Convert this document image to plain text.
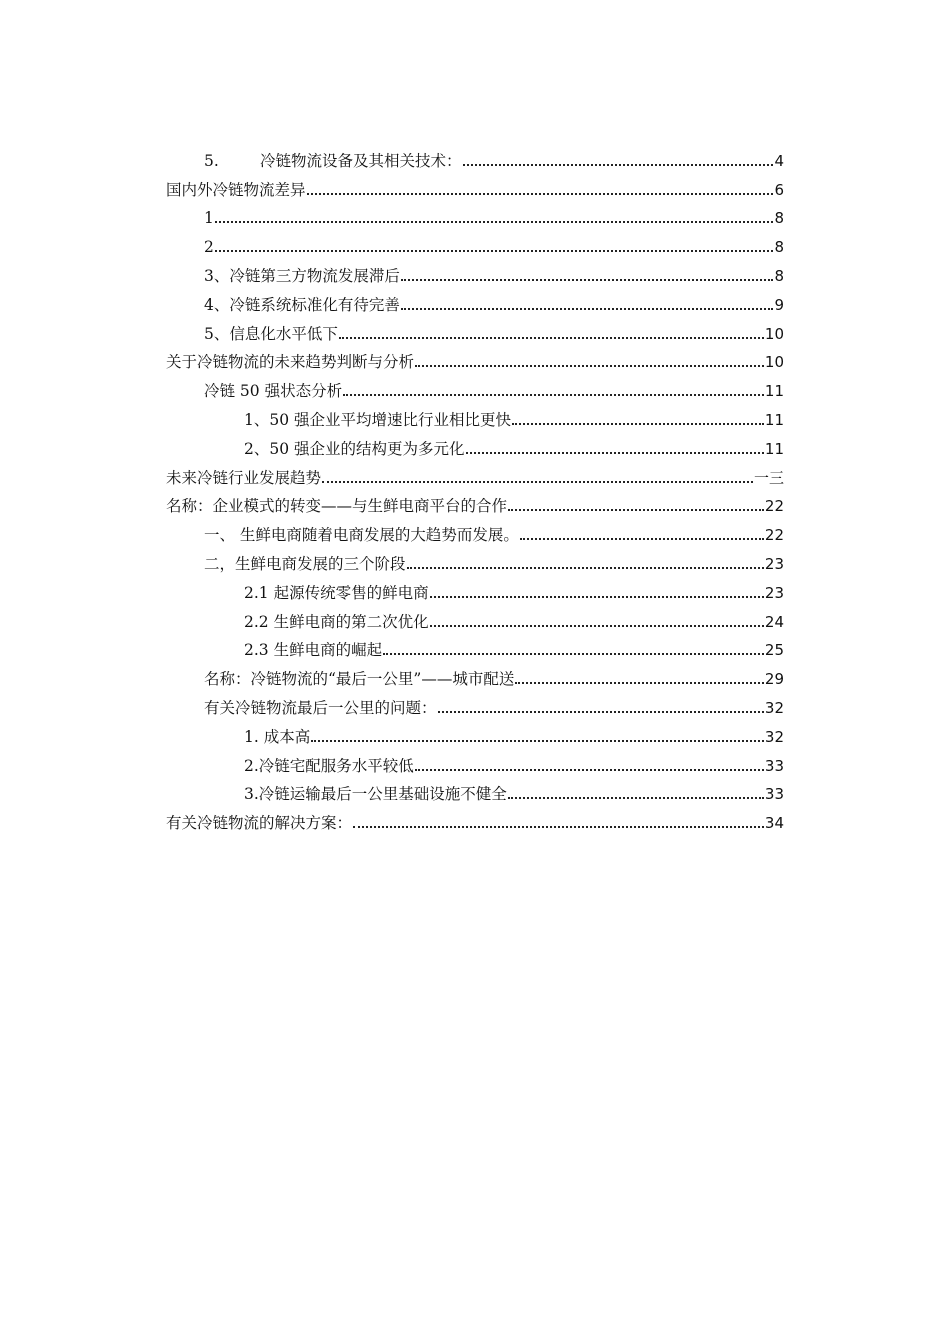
5.	冷链物流设备及其相关技术：	4
国内外冷链物流差异	6
1	8
2	8
3、冷链第三方物流发展滞后	8
4、冷链系统标准化有待完善	9
5、信息化水平低下	10
关于冷链物流的未来趋势判断与分析	10
冷链 50 强状态分析	11
1、50 强企业平均增速比行业相比更快	11
2、50 强企业的结构更为多元化	11
未来冷链行业发展趋势	一三
名称：企业模式的转变——与生鲜电商平台的合作	22
一、 生鲜电商随着电商发展的大趋势而发展。	22
二，生鲜电商发展的三个阶段	23
2.1 起源传统零售的鲜电商	23
2.2 生鲜电商的第二次优化	24
2.3 生鲜电商的崛起	25
名称：冷链物流的“最后一公里”——城市配送	29
有关冷链物流最后一公里的问题：	32
1. 成本高	32
2.冷链宅配服务水平较低	33
3.冷链运输最后一公里基础设施不健全	33
有关冷链物流的解决方案：	34
